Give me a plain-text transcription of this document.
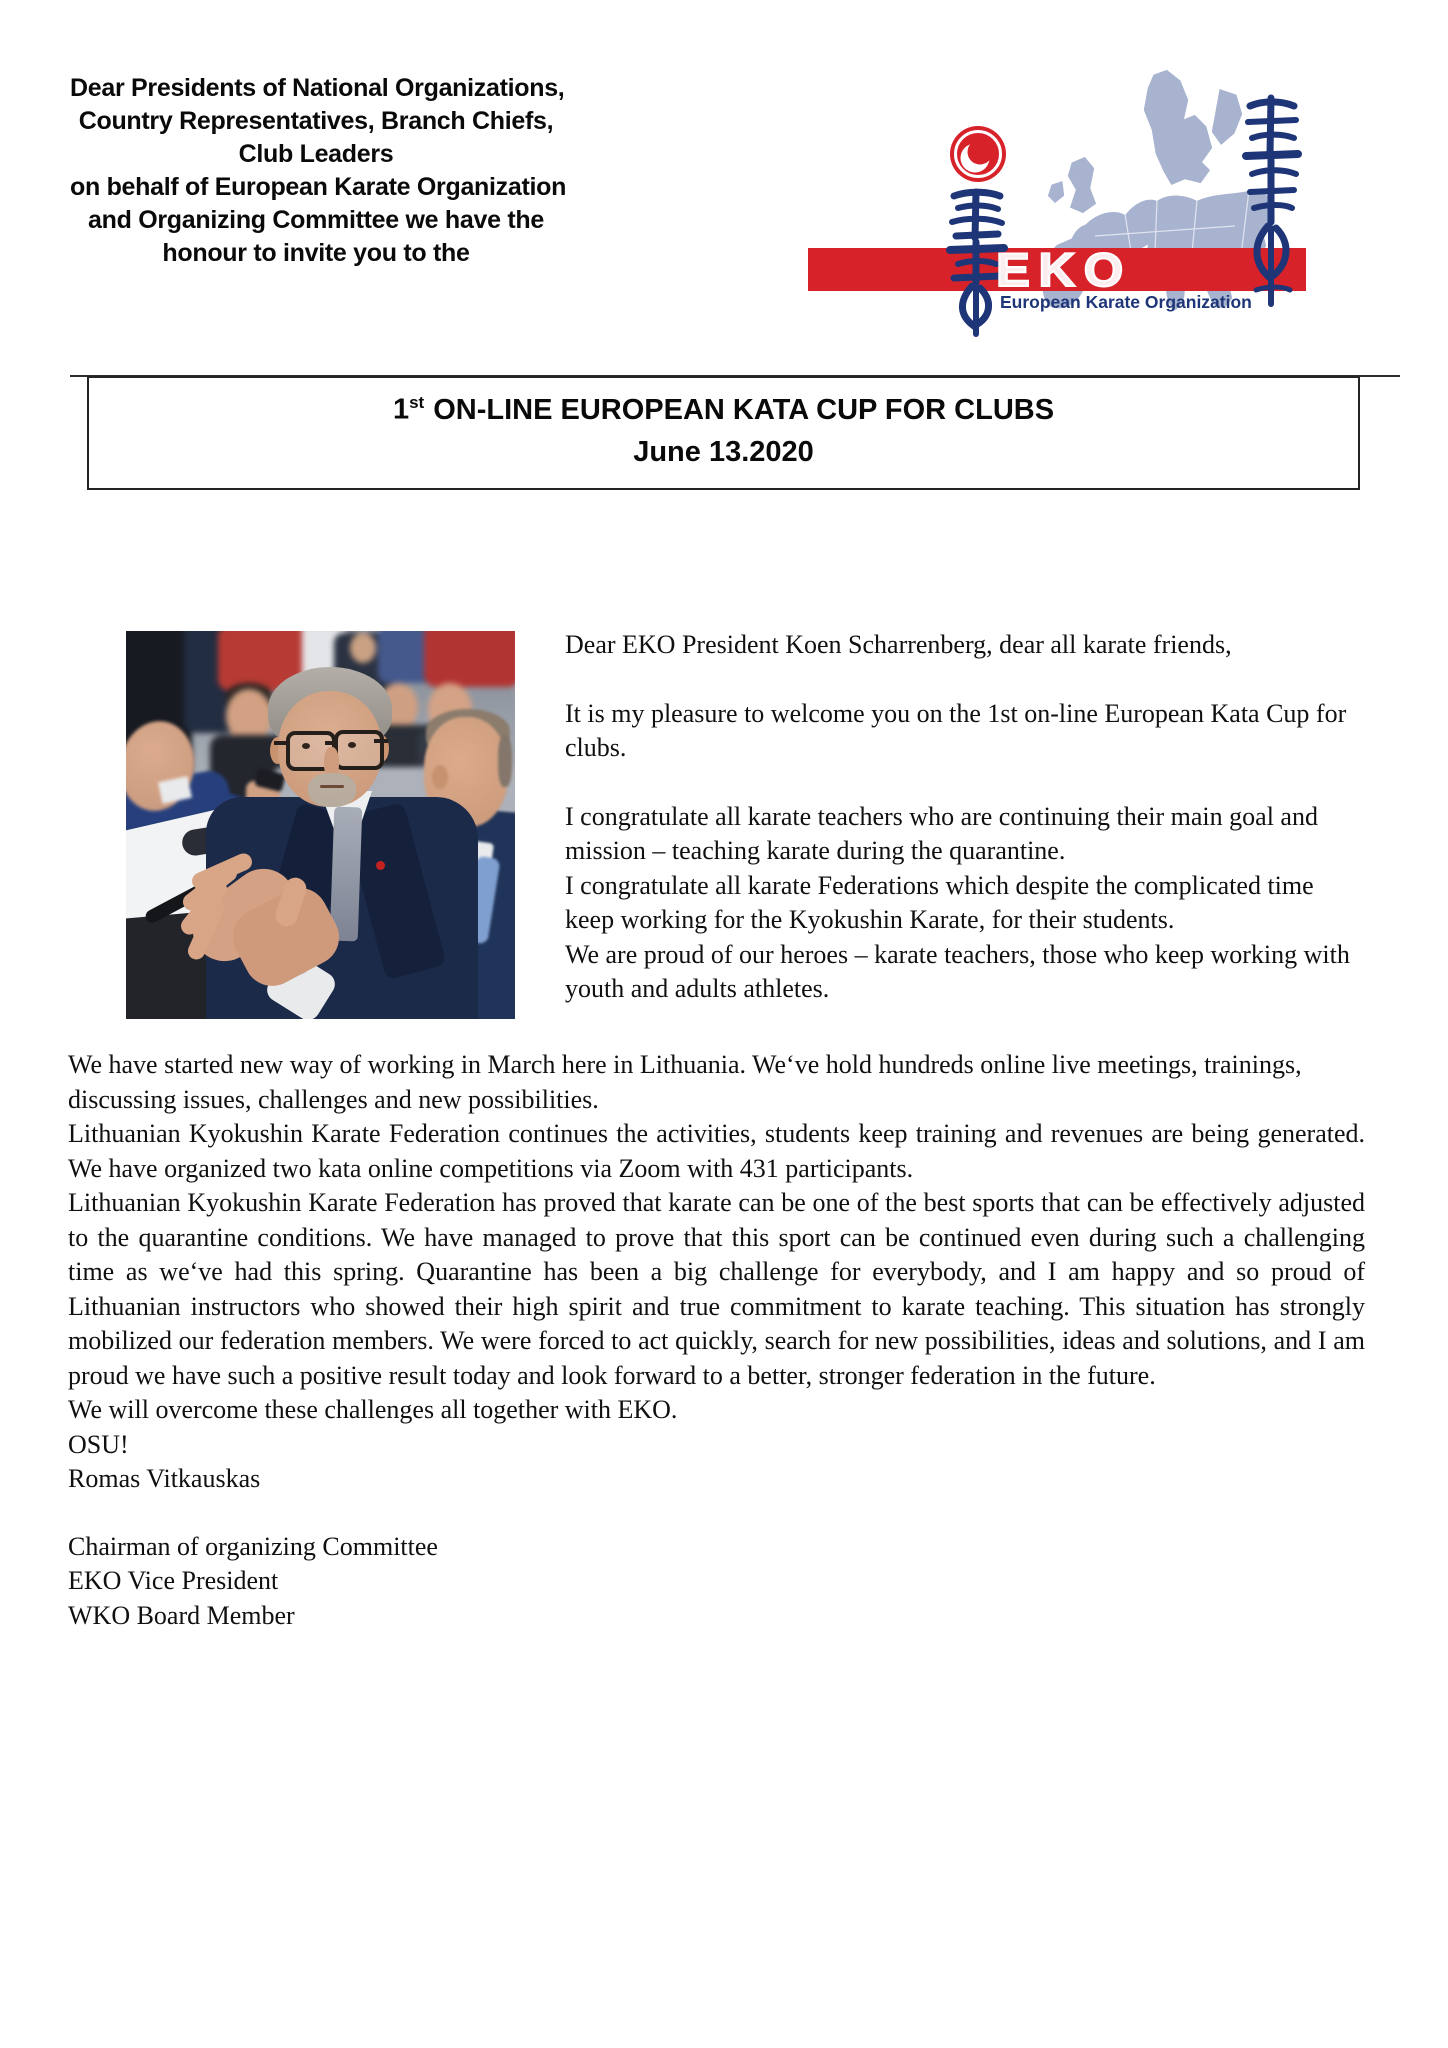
Dear Presidents of National Organizations,
Country Representatives, Branch Chiefs,
Club Leaders
on behalf of European Karate Organization
and Organizing Committee we have the
honour to invite you to the	EKO
European Karate Organization
1st ON-LINE EUROPEAN KATA CUP FOR CLUBS
June 13.2020

Dear EKO President Koen Scharrenberg, dear all karate friends,

It is my pleasure to welcome you on the 1st on-line European Kata Cup for clubs.

I congratulate all karate teachers who are continuing their main goal and mission – teaching karate during the quarantine.

I congratulate all karate Federations which despite the complicated time keep working for the Kyokushin Karate, for their students.

We are proud of our heroes – karate teachers, those who keep working with youth and adults athletes.

We have started new way of working in March here in Lithuania. We‘ve hold hundreds online live meetings, trainings, discussing issues, challenges and new possibilities.

Lithuanian Kyokushin Karate Federation continues the activities, students keep training and revenues are being generated. We have organized two kata online competitions via Zoom with 431 participants.

Lithuanian Kyokushin Karate Federation has proved that karate can be one of the best sports that can be effectively adjusted to the quarantine conditions. We have managed to prove that this sport can be continued even during such a challenging time as we‘ve had this spring. Quarantine has been a big challenge for everybody, and I am happy and so proud of Lithuanian instructors who showed their high spirit and true commitment to karate teaching. This situation has strongly mobilized our federation members. We were forced to act quickly, search for new possibilities, ideas and solutions, and I am proud we have such a positive result today and look forward to a better, stronger federation in the future.

We will overcome these challenges all together with EKO.

OSU!

Romas Vitkauskas

Chairman of organizing Committee
EKO Vice President
WKO Board Member
